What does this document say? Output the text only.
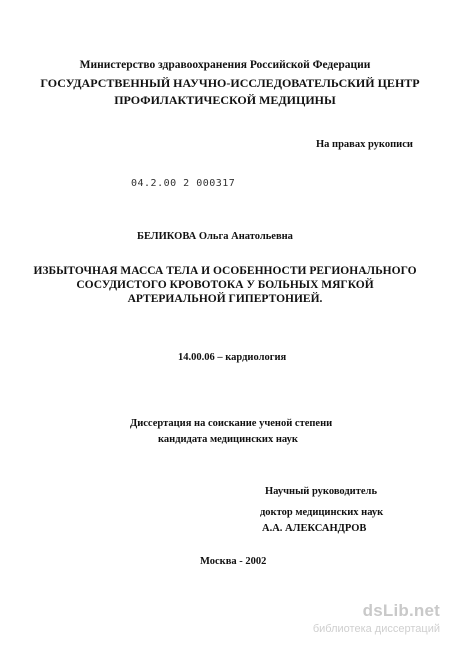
Министерство здравоохранения Российской Федерации
ГОСУДАРСТВЕННЫЙ НАУЧНО-ИССЛЕДОВАТЕЛЬСКИЙ ЦЕНТР
ПРОФИЛАКТИЧЕСКОЙ МЕДИЦИНЫ
На правах рукописи
04.2.00 2 000317
БЕЛИКОВА Ольга Анатольевна
ИЗБЫТОЧНАЯ МАССА ТЕЛА И ОСОБЕННОСТИ РЕГИОНАЛЬНОГО
СОСУДИСТОГО КРОВОТОКА У БОЛЬНЫХ МЯГКОЙ
АРТЕРИАЛЬНОЙ ГИПЕРТОНИЕЙ.
14.00.06 – кардиология
Диссертация на соискание ученой степени
кандидата медицинских наук
Научный руководитель
доктор медицинских наук
А.А. АЛЕКСАНДРОВ
Москва - 2002
dsLib.net
библиотека диссертаций
